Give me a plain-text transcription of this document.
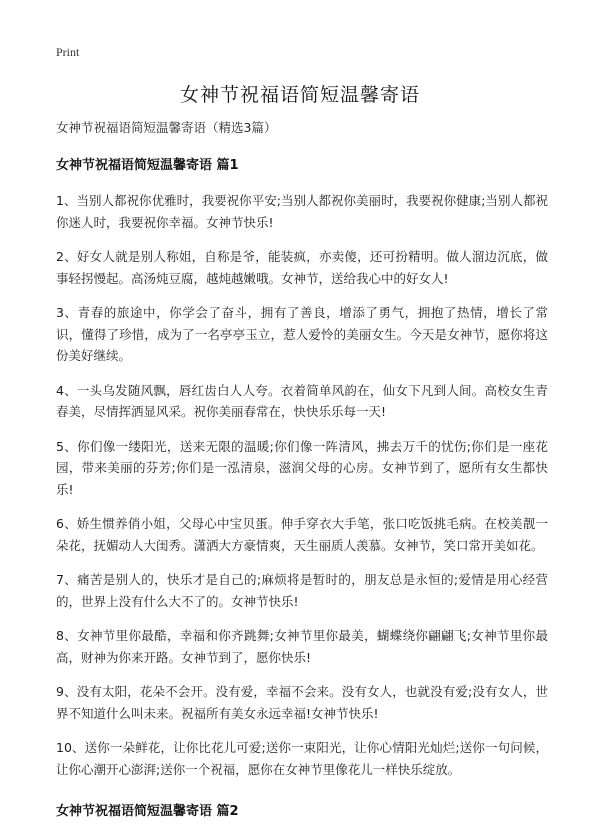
Print
女神节祝福语简短温馨寄语

女神节祝福语简短温馨寄语（精选3篇）

女神节祝福语简短温馨寄语 篇1

1、当别人都祝你优雅时，我要祝你平安;当别人都祝你美丽时，我要祝你健康;当别人都祝你迷人时，我要祝你幸福。女神节快乐!

2、好女人就是别人称姐，自称是爷，能装疯，亦卖傻，还可扮精明。做人溜边沉底，做事轻拐慢起。高汤炖豆腐，越炖越嫩哦。女神节，送给我心中的好女人!

3、青春的旅途中，你学会了奋斗，拥有了善良，增添了勇气，拥抱了热情，增长了常识，懂得了珍惜，成为了一名亭亭玉立，惹人爱怜的美丽女生。今天是女神节，愿你将这份美好继续。

4、一头乌发随风飘，唇红齿白人人夸。衣着简单风韵在，仙女下凡到人间。高校女生青春美，尽情挥洒显风采。祝你美丽春常在，快快乐乐每一天!

5、你们像一缕阳光，送来无限的温暖;你们像一阵清风，拂去万千的忧伤;你们是一座花园，带来美丽的芬芳;你们是一泓清泉，滋润父母的心房。女神节到了，愿所有女生都快乐!

6、娇生惯养俏小姐，父母心中宝贝蛋。伸手穿衣大手笔，张口吃饭挑毛病。在校美靓一朵花，抚媚动人大闺秀。潇洒大方豪情爽，天生丽质人羡慕。女神节，笑口常开美如花。

7、痛苦是别人的，快乐才是自己的;麻烦将是暂时的，朋友总是永恒的;爱情是用心经营的，世界上没有什么大不了的。女神节快乐!

8、女神节里你最酷，幸福和你齐跳舞;女神节里你最美，蝴蝶绕你翩翩飞;女神节里你最高，财神为你来开路。女神节到了，愿你快乐!

9、没有太阳，花朵不会开。没有爱，幸福不会来。没有女人，也就没有爱;没有女人，世界不知道什么叫未来。祝福所有美女永远幸福!女神节快乐!

10、送你一朵鲜花，让你比花儿可爱;送你一束阳光，让你心情阳光灿烂;送你一句问候，让你心潮开心澎湃;送你一个祝福，愿你在女神节里像花儿一样快乐绽放。

女神节祝福语简短温馨寄语 篇2
